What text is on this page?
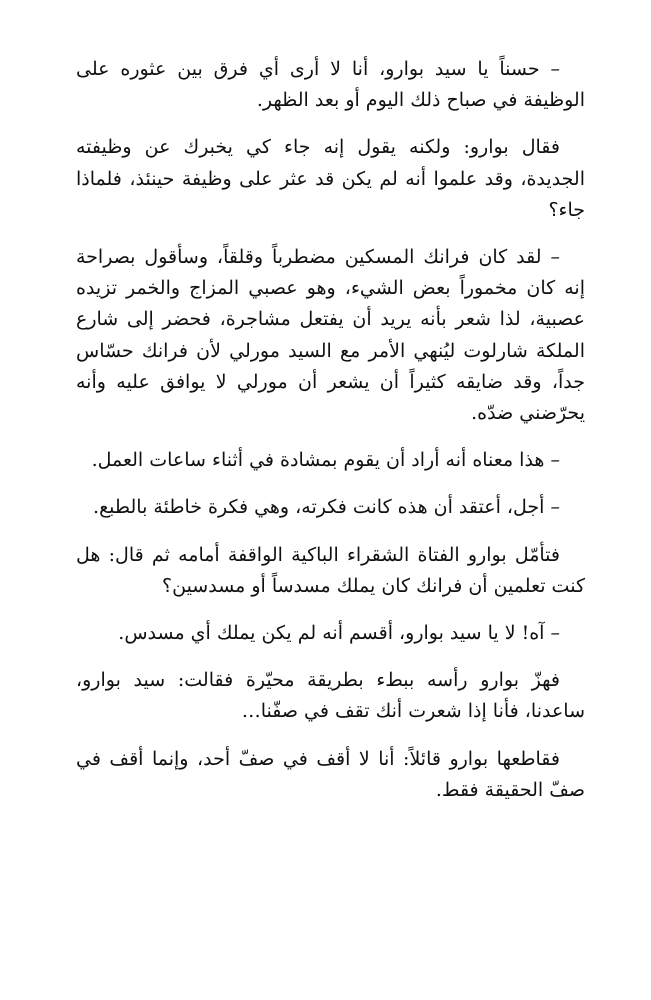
– حسناً يا سيد بوارو، أنا لا أرى أي فرق بين عثوره على الوظيفة في صباح ذلك اليوم أو بعد الظهر.

فقال بوارو: ولكنه يقول إنه جاء كي يخبرك عن وظيفته الجديدة، وقد علموا أنه لم يكن قد عثر على وظيفة حينئذ، فلماذا جاء؟

– لقد كان فرانك المسكين مضطرباً وقلقاً، وسأقول بصراحة إنه كان مخموراً بعض الشيء، وهو عصبي المزاج والخمر تزيده عصبية، لذا شعر بأنه يريد أن يفتعل مشاجرة، فحضر إلى شارع الملكة شارلوت ليُنهي الأمر مع السيد مورلي لأن فرانك حسّاس جداً، وقد ضايقه كثيراً أن يشعر أن مورلي لا يوافق عليه وأنه يحرّضني ضدّه.

– هذا معناه أنه أراد أن يقوم بمشادة في أثناء ساعات العمل.

– أجل، أعتقد أن هذه كانت فكرته، وهي فكرة خاطئة بالطبع.

فتأمّل بوارو الفتاة الشقراء الباكية الواقفة أمامه ثم قال: هل كنت تعلمين أن فرانك كان يملك مسدساً أو مسدسين؟

– آه! لا يا سيد بوارو، أقسم أنه لم يكن يملك أي مسدس.

فهزّ بوارو رأسه ببطء بطريقة محيّرة فقالت: سيد بوارو، ساعدنا، فأنا إذا شعرت أنك تقف في صفّنا…

فقاطعها بوارو قائلاً: أنا لا أقف في صفّ أحد، وإنما أقف في صفّ الحقيقة فقط.
